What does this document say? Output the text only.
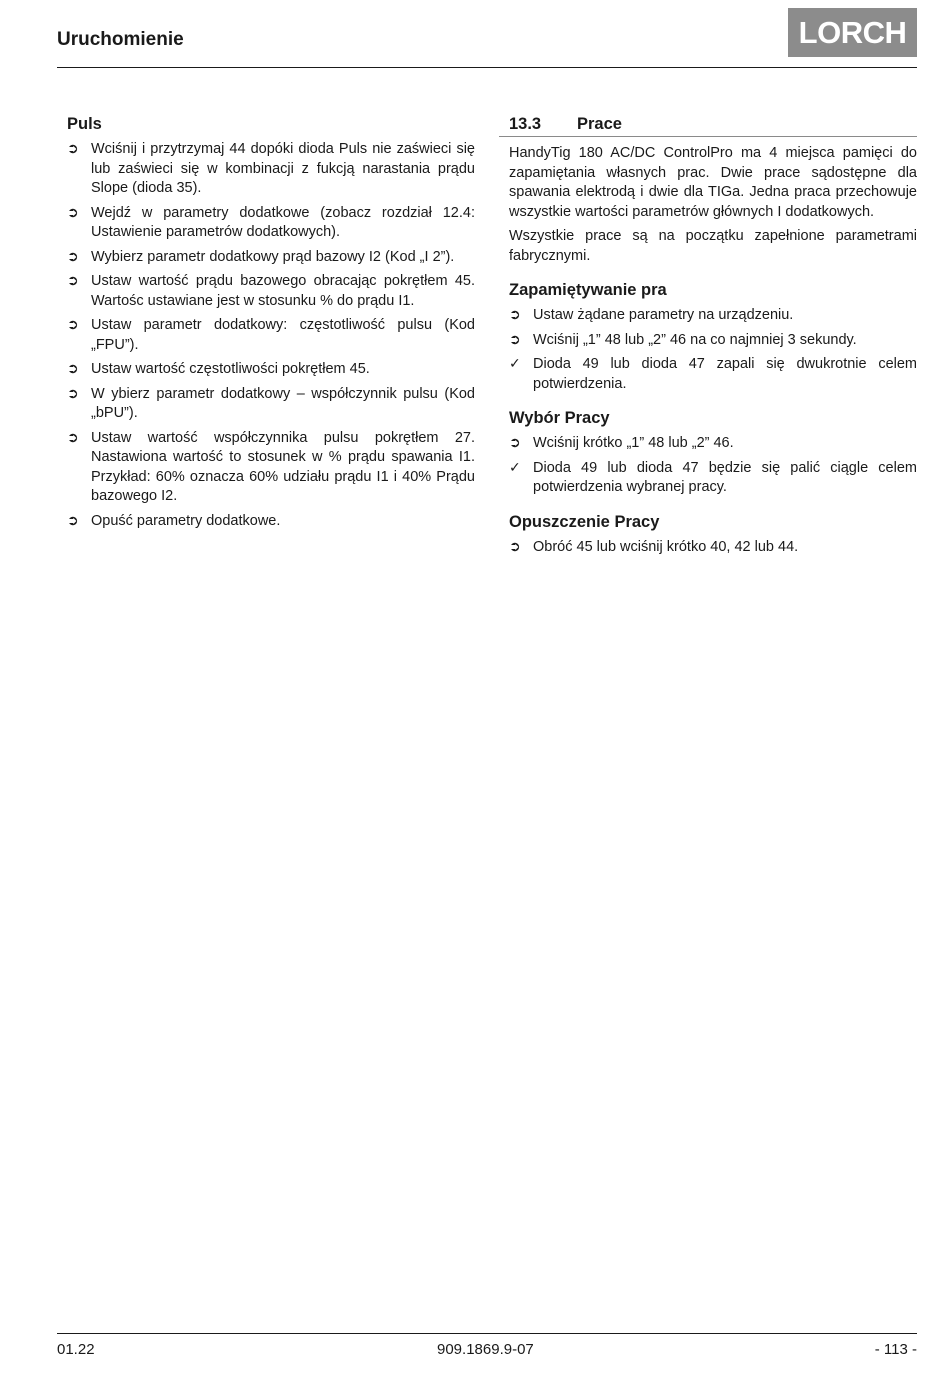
Uruchomienie	LORCH
Puls
➲ Wciśnij i przytrzymaj 44 dopóki dioda Puls nie zaświeci się lub zaświeci się w kombinacji z fukcją narastania prądu Slope (dioda 35).
➲ Wejdź w parametry dodatkowe (zobacz rozdział 12.4: Ustawienie parametrów dodatkowych).
➲ Wybierz parametr dodatkowy prąd bazowy I2 (Kod „I 2”).
➲ Ustaw wartość prądu bazowego obracając pokrętłem 45. Wartośc ustawiane jest w stosunku % do prądu I1.
➲ Ustaw parametr dodatkowy: częstotliwość pulsu (Kod „FPU”).
➲ Ustaw wartość częstotliwości pokrętłem 45.
➲ W ybierz parametr dodatkowy – współczynnik pulsu (Kod „bPU”).
➲ Ustaw wartość współczynnika pulsu pokrętłem 27. Nastawiona wartość to stosunek w % prądu spawania I1. Przykład: 60% oznacza 60% udziału prądu I1 i 40% Prądu bazowego I2.
➲ Opuść parametry dodatkowe.
13.3	Prace
HandyTig 180 AC/DC ControlPro ma 4 miejsca pamięci do zapamiętania własnych prac. Dwie prace sądostępne dla spawania elektrodą i dwie dla TIGa. Jedna praca przechowuje wszystkie wartości parametrów głównych I dodatkowych.
Wszystkie prace są na początku zapełnione parametrami fabrycznymi.
Zapamiętywanie pra
➲ Ustaw żądane parametry na urządzeniu.
➲ Wciśnij „1” 48 lub „2” 46 na co najmniej 3 sekundy.
✓ Dioda 49 lub dioda 47 zapali się dwukrotnie celem potwierdzenia.
Wybór Pracy
➲ Wciśnij krótko „1” 48 lub „2” 46.
✓ Dioda 49 lub dioda 47 będzie się palić ciągle celem potwierdzenia wybranej pracy.
Opuszczenie Pracy
➲ Obróć 45 lub wciśnij krótko 40, 42 lub 44.
01.22	909.1869.9-07	- 113 -
